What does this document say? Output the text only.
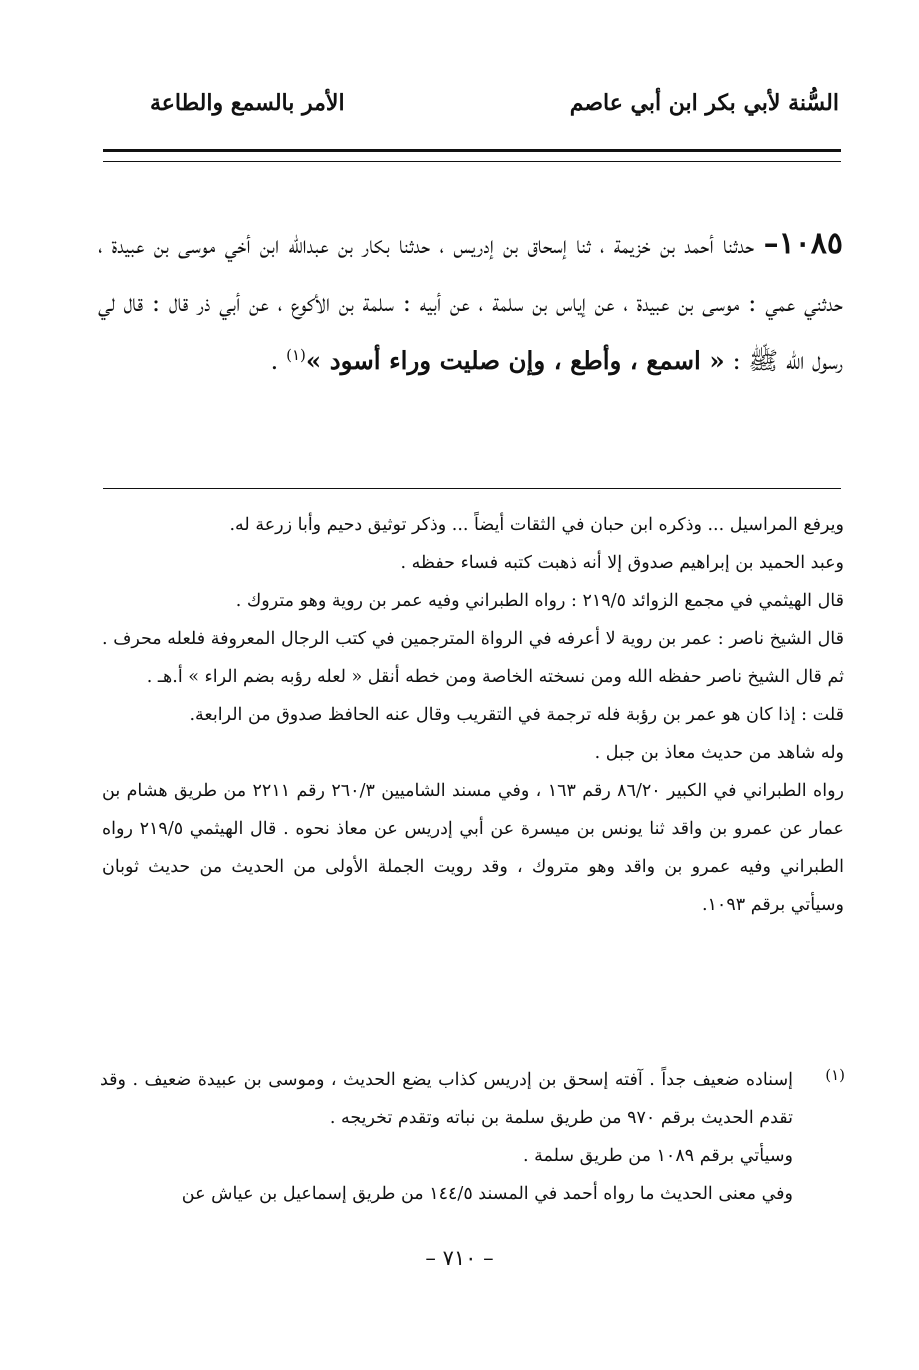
السُّنة لأبي بكر ابن أبي عاصم
الأمر بالسمع والطاعة
١٠٨٥– حدثنا أحمد بن خزيمة ، ثنا إسحاق بن إدريس ، حدثنا بكار بن عبدالله ابن أخي موسى بن عبيدة ، حدثني عمي : موسى بن عبيدة ، عن إياس بن سلمة ، عن أبيه : سلمة بن الأكوع ، عن أبي ذر قال : قال لي رسول الله ﷺ : « اسمع ، وأطع ، وإن صليت وراء أسود »$^{(١)}$ .

ويرفع المراسيل ... وذكره ابن حبان في الثقات أيضاً ... وذكر توثيق دحيم وأبا زرعة له.

وعبد الحميد بن إبراهيم صدوق إلا أنه ذهبت كتبه فساء حفظه .

قال الهيثمي في مجمع الزوائد ٢١٩/٥ : رواه الطبراني وفيه عمر بن روية وهو متروك .

قال الشيخ ناصر : عمر بن روية لا أعرفه في الرواة المترجمين في كتب الرجال المعروفة فلعله محرف . ثم قال الشيخ ناصر حفظه الله ومن نسخته الخاصة ومن خطه أنقل « لعله رؤبه بضم الراء » أ.هـ .

قلت : إذا كان هو عمر بن رؤبة فله ترجمة في التقريب وقال عنه الحافظ صدوق من الرابعة.

وله شاهد من حديث معاذ بن جبل .

رواه الطبراني في الكبير ٨٦/٢٠ رقم ١٦٣ ، وفي مسند الشاميين ٢٦٠/٣ رقم ٢٢١١ من طريق هشام بن عمار عن عمرو بن واقد ثنا يونس بن ميسرة عن أبي إدريس عن معاذ نحوه . قال الهيثمي ٢١٩/٥ رواه الطبراني وفيه عمرو بن واقد وهو متروك ، وقد رويت الجملة الأولى من الحديث من حديث ثوبان وسيأتي برقم ١٠٩٣.

(١)

إسناده ضعيف جداً . آفته إسحق بن إدريس كذاب يضع الحديث ، وموسى بن عبيدة ضعيف . وقد تقدم الحديث برقم ٩٧٠ من طريق سلمة بن نباته وتقدم تخريجه .

وسيأتي برقم ١٠٨٩ من طريق سلمة .

وفي معنى الحديث ما رواه أحمد في المسند ١٤٤/٥ من طريق إسماعيل بن عياش عن

– ٧١٠ –
